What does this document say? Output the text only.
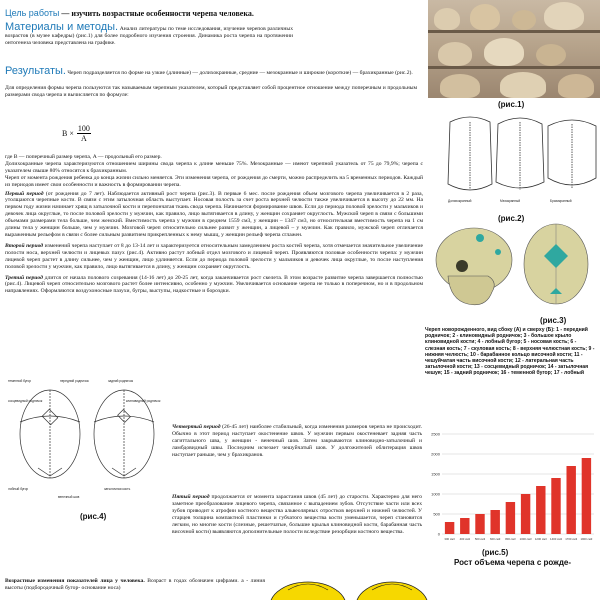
Цель работы — изучить возрастные особенности черепа человека.
Материалы и методы. Анализ литературы по теме исследования, изучение черепов различных возрастов (в музее кафедры) (рис.1) для более подробного изучения строения. Динамика роста черепа на протяжении онтогенеза человека представлена на графике.
Результаты. Череп подразделяется по форме на узкие (длинные) — долихокранные, средние — мезокранные и широкие (короткие) — брахикранные (рис.2).

Для определения формы черепа пользуются так называемым черепным указателем, который представляет собой процентное отношение между поперечным и продольным размерами свода черепа и вычисляется по формуле:

$B \times \frac{100}{A}$

где B — поперечный размер черепа, A — продольный его размер.

Долихокранные черепа характеризуются отношением ширины свода черепа к длине меньше 75%. Мезокранные — имеют черепной указатель от 75 до 79,9%; черепа с указателем свыше 80% относятся к брахикранным.

Череп от момента рождения ребенка до конца жизни сильно меняется. Эти изменения черепа, от рождения до смерти, можно распределить на 5 временных периодов. Каждый из периодов имеет свои особенности и важность в формировании черепа.

Первый период (от рождения до 7 лет). Наблюдается активный рост черепа (рис.3). В первые 6 мес. после рождения объем мозгового черепа увеличивается в 2 раза, утолщаются черепные кости. В связи с этим затылочная область выступает. Носовая полость за счет роста верхней челюсти также увеличивается в высоту до 22 мм. На первом году жизни начинает хрящ в затылочной кости и перепончатая ткань свода черепа. Начинается формирование швов. Если до периода половой зрелости у мальчиков и девочек лица округлые, то после половой зрелости у мужчин, как правило, лицо вытягивается в длину, у женщин сохраняет округлость. Мужской череп в связи с большими объемами размерами тела больше, чем женский. Вместимость черепа у мужчин в среднем 1559 см3, у женщин – 1347 см3, но относительная вместимость черепа на 1 см длины тела у женщин больше, чем у мужчин. Мозговой череп относительно сильнее развит у женщин, а лицевой – у мужчин. Как правило, мужской череп отличается выраженным рельефом в связи с более сильным развитием прикрепленных к нему мышц, у женщин рельеф черепа сглажен.

Второй период изменений черепа наступает от 8 до 13-14 лет и характеризуется относительным замедлением роста костей черепа, хотя отмечается значительное увеличение полости носа, верхней челюсти и лицевых пазух (рис.4). Активно растут лобный отдел мозгового и лицевой череп. Проявляются половые особенности черепа: у мужчин лицевой череп растет в длину сильнее, чем у женщин, лицо удлиняется. Если до периода половой зрелости у мальчиков и девочек лица округлые, то после наступления половой зрелости у мужчин, как правило, лицо вытягивается в длину, у женщин сохраняет округлость.

Третий период длится от начала полового созревания (14-16 лет) до 20-25 лет, когда заканчивается рост скелета. В этом возрасте развитие черепа завершается полностью (рис.4). Лицевой череп относительно мозгового растет более интенсивно, особенно у мужчин. Увеличивается основание черепа не только в поперечном, но и в продольном направлениях. Оформляются воздухоносные пазухи, бугры, выступы, надкостные и бороздки.

теменной бугор	передний родничок
лобный бугор
задний родничок
затылочная кость
сосцевидный родничок	клиновидный родничок
венечный шов
(рис.4)
Четвертый период (26-45 лет) наиболее стабильный, когда изменения размеров черепа не происходит. Обычно в этот период наступает окостенение швов. У мужчин первым окостеневает задняя часть сагиттального шва, у женщин - венечный шов. Затем закрываются клиновидно-затылочный и ламбдовидный швы. Последним исчезает чешуйчатый шов. У долгожителей облитерация швов наступает раньше, чем у брахикранов.
Пятый период продолжается от момента зарастания швов (45 лет) до старости. Характерно для него заметное преобразование лицевого черепа, связанное с выпадением зубов. Отсутствие части или всех зубов приводит к атрофии костного вещества альвеолярных отростков верхней и нижней челюстей. У старцев толщина компактной пластинки и губчатого вещества кости уменьшается, череп становится легким, но многие кости (слезные, решетчатые, большие крылья клиновидной кости, барабанная часть височной кости) выявляются дополнительные полости вследствие резорбции костного вещества.
Возрастные изменения показателей лица у человека. Возраст в годах обозначен цифрами. а - линия высоты (подбородочный бугор- основание носа)
(рис.1)
Долихокранный	Мезокранный	Брахикранный
(рис.2)
(рис.3)
Череп новорожденного, вид сбоку (А) и сверху (Б): 1 - передний родничок; 2 - клиновидный родничок; 3 - большое крыло клиновидной кости; 4 - лобный бугор; 5 - носовая кость; 6 - слезная кость; 7 - скуловая кость; 8 - верхняя челюстная кость; 9 - нижняя челюсть; 10 - барабанное кольцо височной кости; 11 - чешуйчатая часть височной кости; 12 - латеральная часть затылочной кости; 13 - сосцевидный родничок; 14 - затылочная чешуя; 15 - задний родничок; 16 - теменной бугор; 17 - лобный
0
500
1000
1500
2000
2500
300 см3 400 см3 500 см3 600 см3 800 см3 1000 см3 1200 см3 1400 см3 1700 см3 1900 см3
(рис.5)
Рост объема черепа с рожде-
